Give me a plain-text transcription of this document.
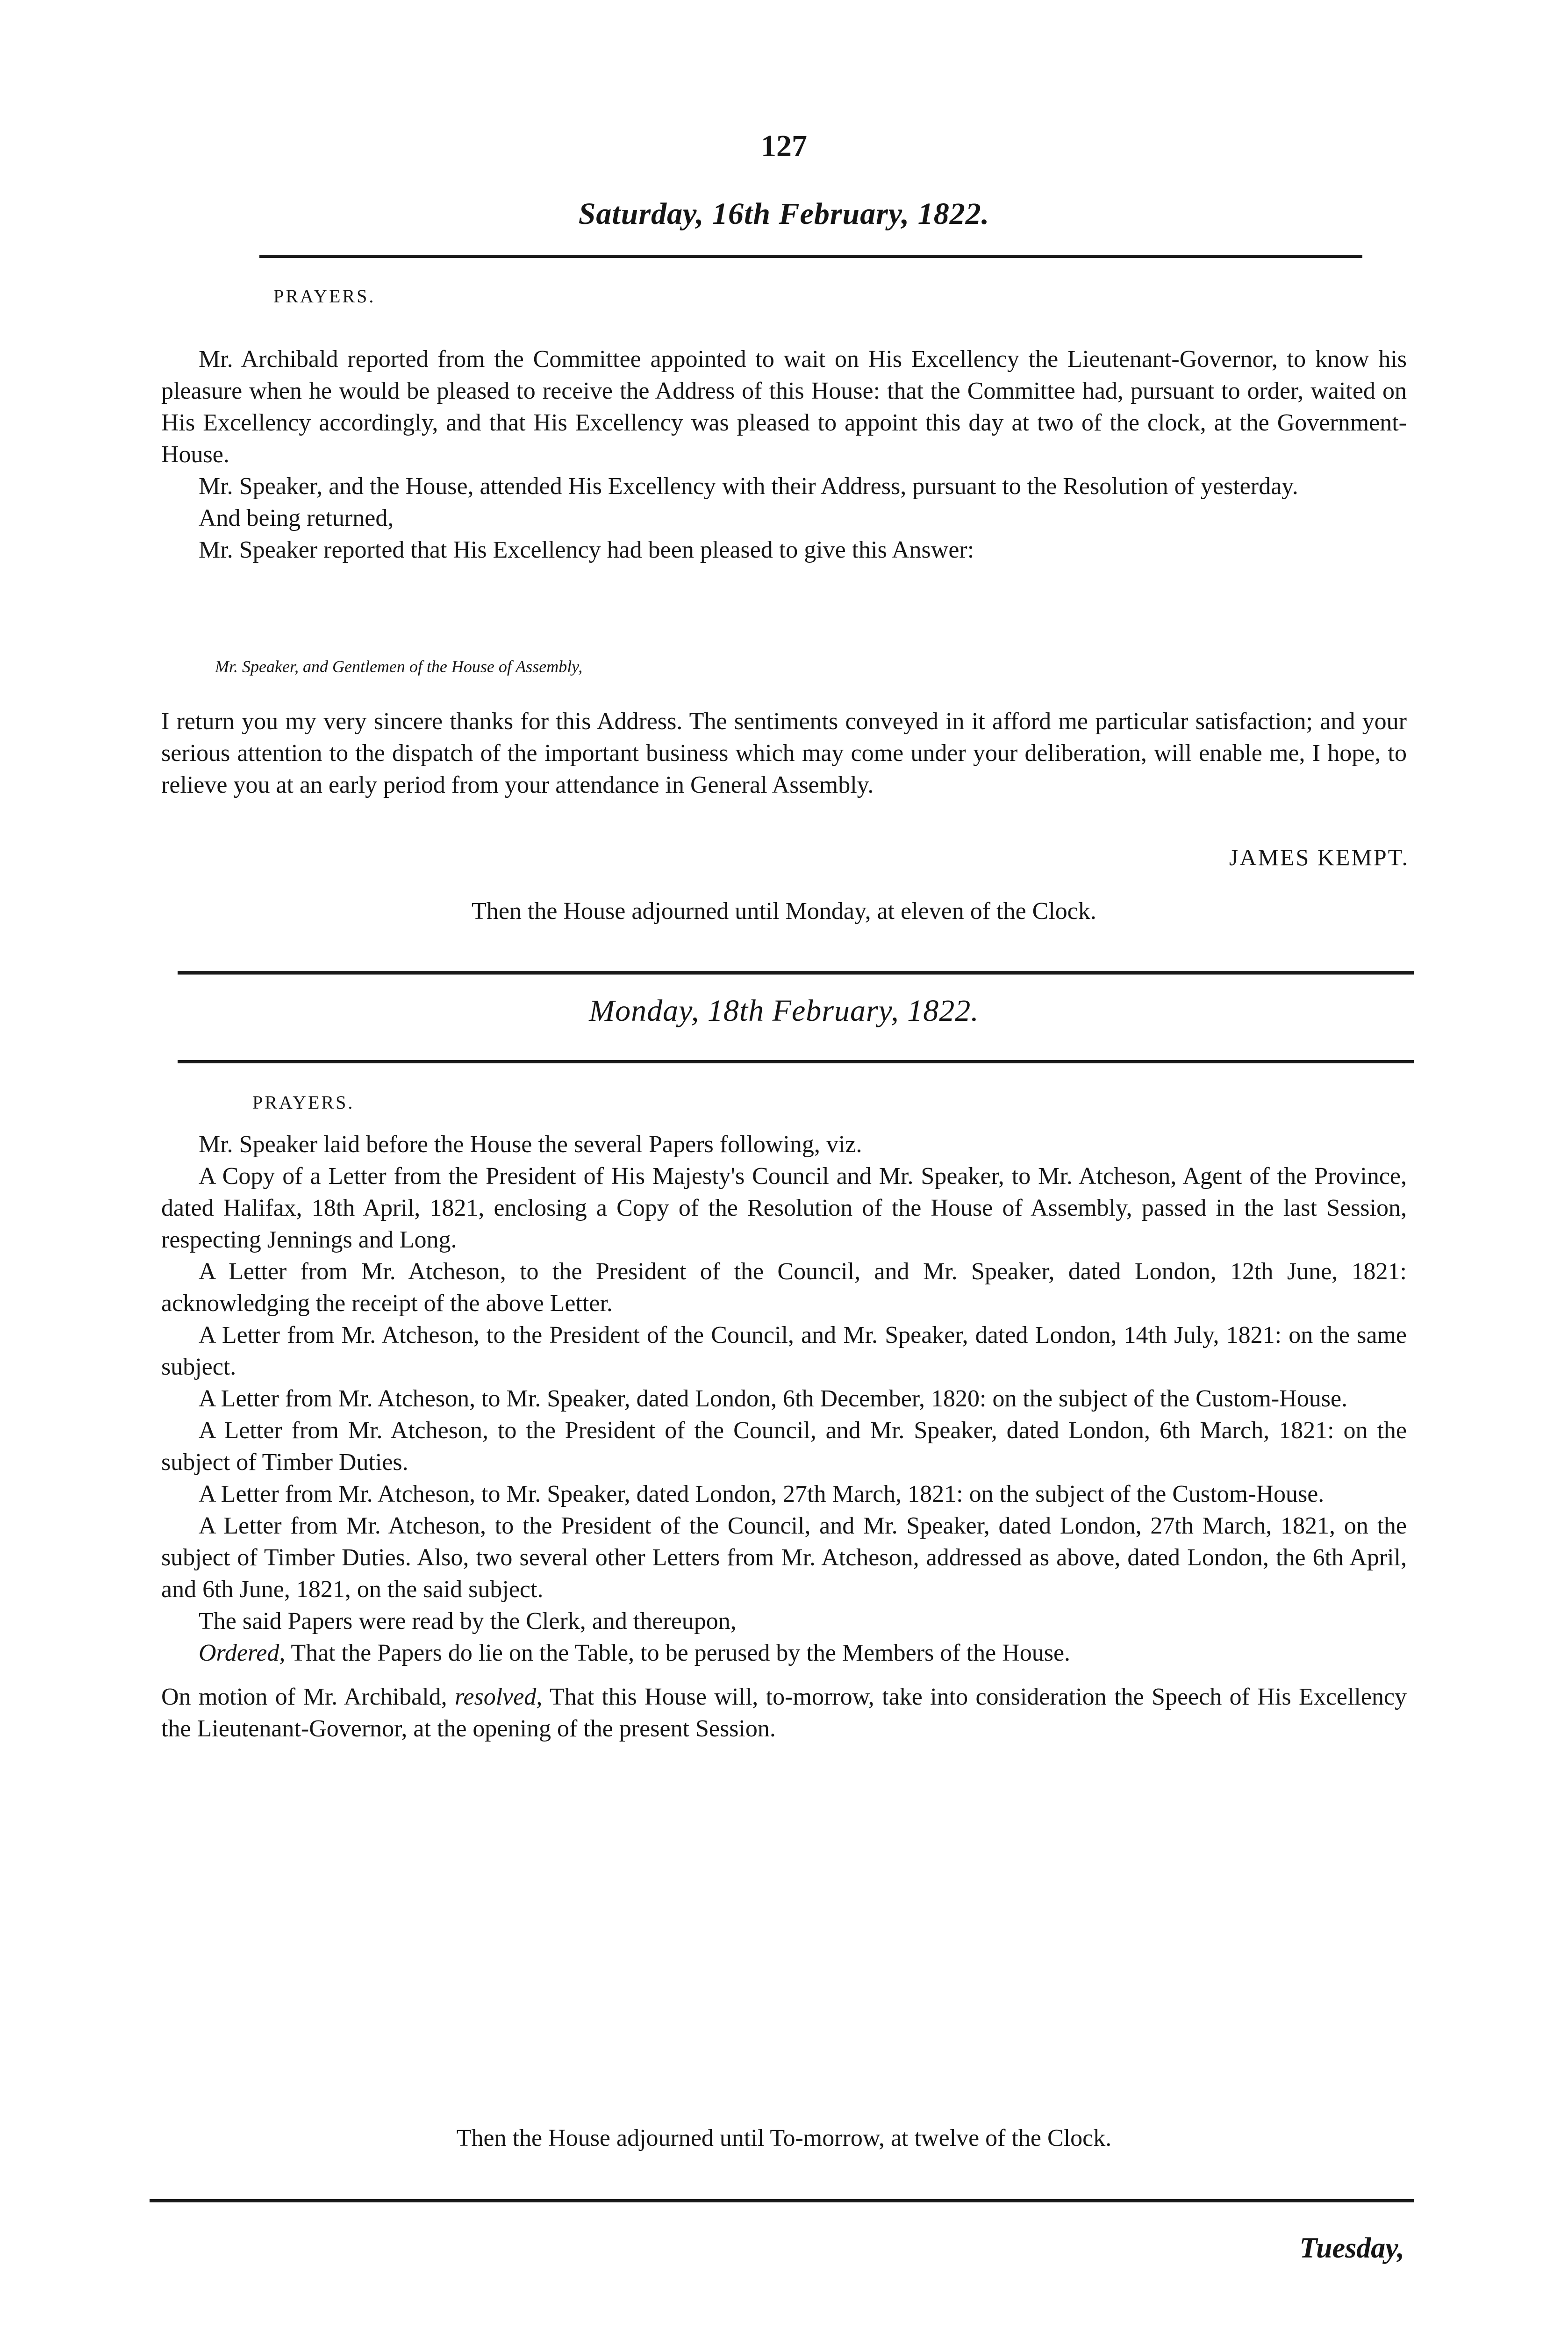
127
Saturday, 16th February, 1822.
PRAYERS.

Mr. Archibald reported from the Committee appointed to wait on His Excellency the Lieutenant-Governor, to know his pleasure when he would be pleased to receive the Address of this House: that the Committee had, pursuant to order, waited on His Excellency accordingly, and that His Excellency was pleased to appoint this day at two of the clock, at the Government-House.

Mr. Speaker, and the House, attended His Excellency with their Address, pursuant to the Resolution of yesterday.

And being returned,

Mr. Speaker reported that His Excellency had been pleased to give this Answer:

Mr. Speaker, and Gentlemen of the House of Assembly,

I return you my very sincere thanks for this Address. The sentiments conveyed in it afford me particular satisfaction; and your serious attention to the dispatch of the important business which may come under your deliberation, will enable me, I hope, to relieve you at an early period from your attendance in General Assembly.

JAMES KEMPT.
Then the House adjourned until Monday, at eleven of the Clock.
Monday, 18th February, 1822.
PRAYERS.

Mr. Speaker laid before the House the several Papers following, viz.

A Copy of a Letter from the President of His Majesty's Council and Mr. Speaker, to Mr. Atcheson, Agent of the Province, dated Halifax, 18th April, 1821, enclosing a Copy of the Resolution of the House of Assembly, passed in the last Session, respecting Jennings and Long.

A Letter from Mr. Atcheson, to the President of the Council, and Mr. Speaker, dated London, 12th June, 1821: acknowledging the receipt of the above Letter.

A Letter from Mr. Atcheson, to the President of the Council, and Mr. Speaker, dated London, 14th July, 1821: on the same subject.

A Letter from Mr. Atcheson, to Mr. Speaker, dated London, 6th December, 1820: on the subject of the Custom-House.

A Letter from Mr. Atcheson, to the President of the Council, and Mr. Speaker, dated London, 6th March, 1821: on the subject of Timber Duties.

A Letter from Mr. Atcheson, to Mr. Speaker, dated London, 27th March, 1821: on the subject of the Custom-House.

A Letter from Mr. Atcheson, to the President of the Council, and Mr. Speaker, dated London, 27th March, 1821, on the subject of Timber Duties. Also, two several other Letters from Mr. Atcheson, addressed as above, dated London, the 6th April, and 6th June, 1821, on the said subject.

The said Papers were read by the Clerk, and thereupon,

Ordered, That the Papers do lie on the Table, to be perused by the Members of the House.

On motion of Mr. Archibald, resolved, That this House will, to-morrow, take into consideration the Speech of His Excellency the Lieutenant-Governor, at the opening of the present Session.

Then the House adjourned until To-morrow, at twelve of the Clock.
Tuesday,
